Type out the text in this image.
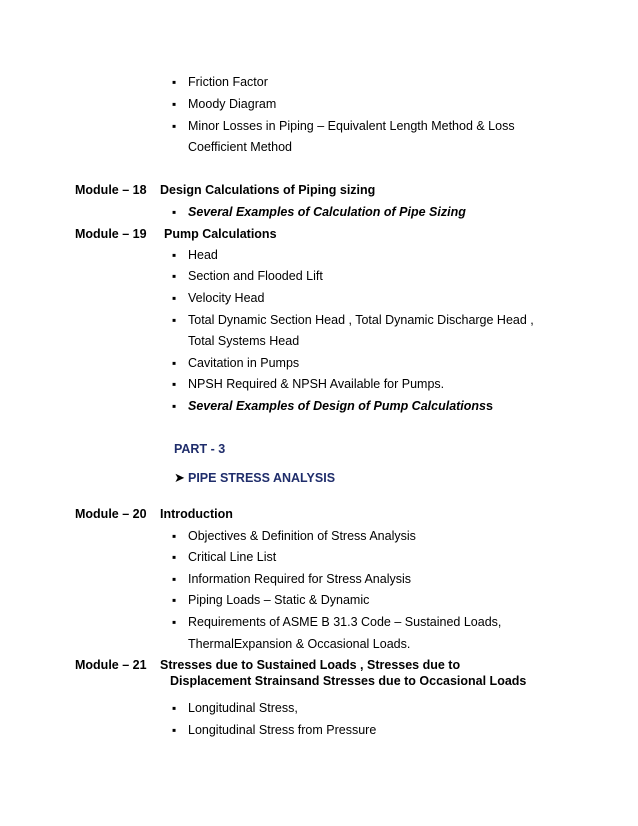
Friction Factor
Moody Diagram
Minor Losses in Piping – Equivalent Length Method & Loss
Coefficient Method
Module – 18 Design Calculations of Piping sizing
Several Examples of Calculation of Pipe Sizing
Module – 19 Pump Calculations
Head
Section and Flooded Lift
Velocity Head
Total Dynamic Section Head , Total Dynamic Discharge Head ,
Total Systems Head
Cavitation in Pumps
NPSH Required & NPSH Available for Pumps.
Several Examples of Design of Pump Calculationss
PART - 3
➤ PIPE STRESS ANALYSIS
Module – 20 Introduction
Objectives & Definition of Stress Analysis
Critical Line List
Information Required for Stress Analysis
Piping Loads – Static & Dynamic
Requirements of ASME B 31.3 Code – Sustained Loads,
ThermalExpansion & Occasional Loads.
Module – 21 Stresses due to Sustained Loads , Stresses due to
Displacement Strainsand Stresses due to Occasional Loads
Longitudinal Stress,
Longitudinal Stress from Pressure
